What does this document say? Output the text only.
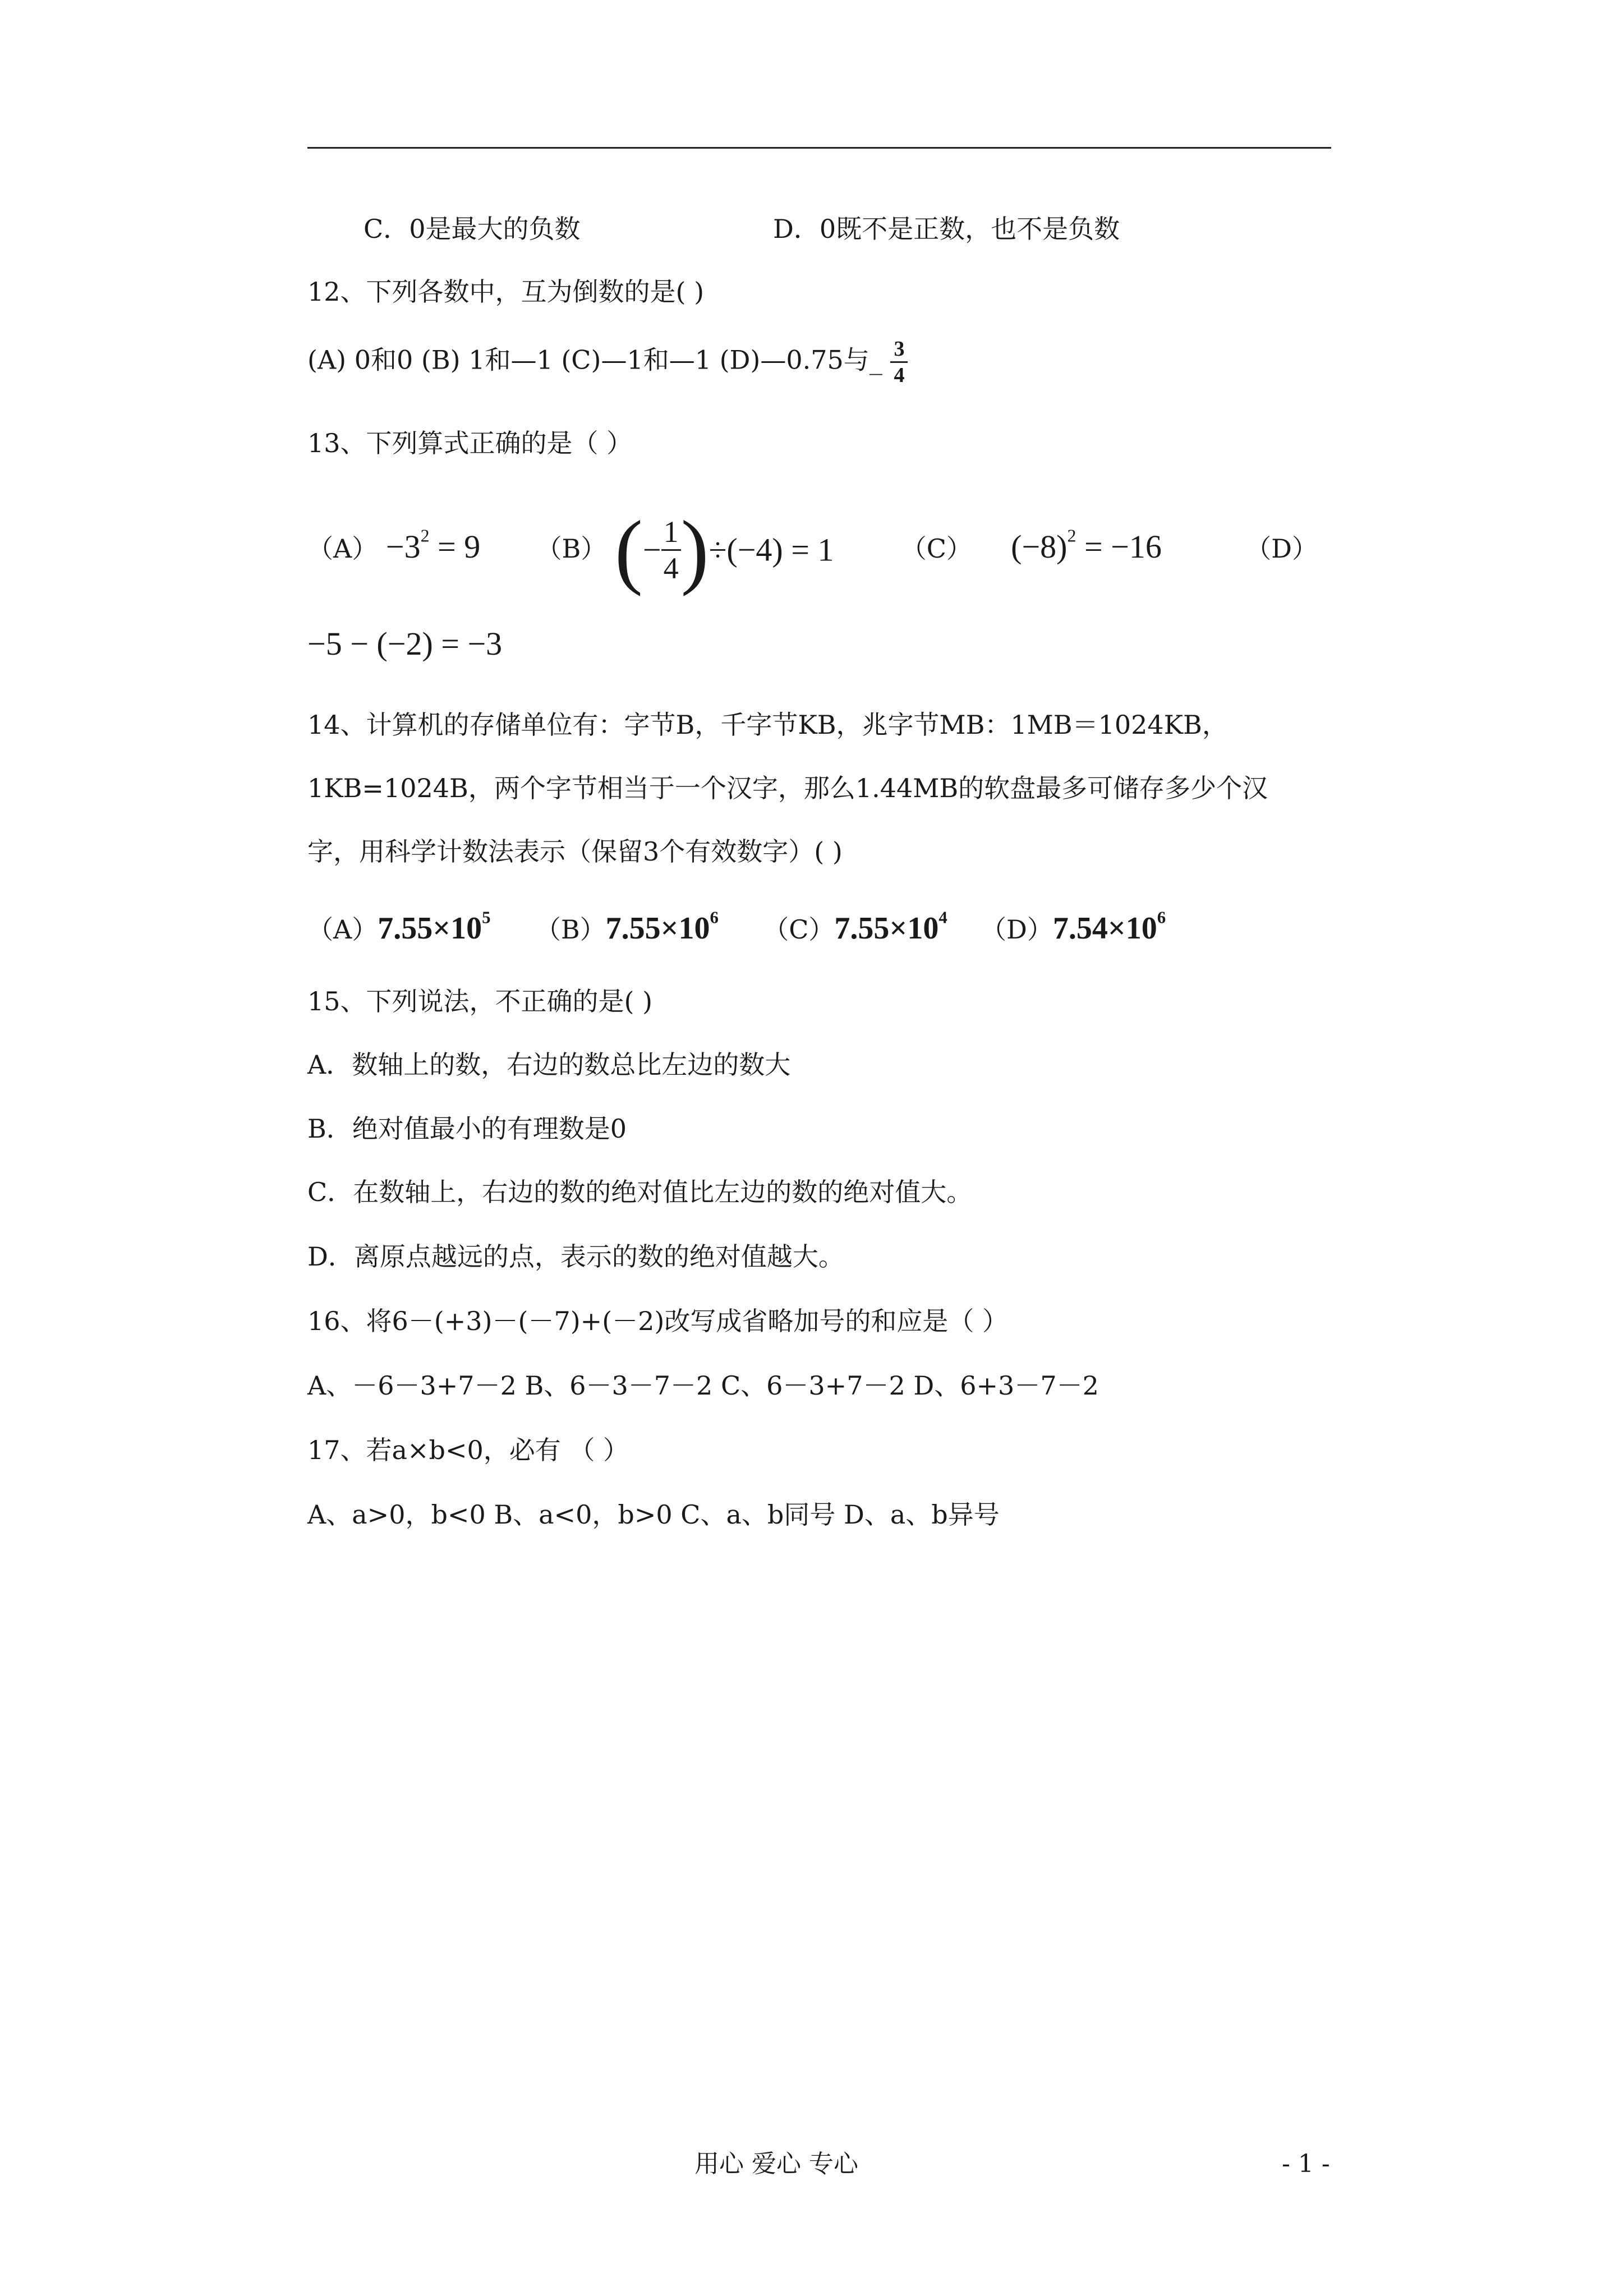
C．0是最大的负数	D．0既不是正数，也不是负数
12、下列各数中，互为倒数的是( )
(A) 0和0 (B) 1和—1 (C)—1和—1 (D)—0.75与_ $\frac{3}{4}$
13、下列算式正确的是（ ）
$(A) -3^2 = 9$ （B） (− $\frac{1}{4} )\div(-4) = 1$	（C） $(-8)^2 = -16$	（D）
−5 − (−2) = −3
14、计算机的存储单位有：字节B，千字节KB，兆字节MB：1MB＝1024KB，
1KB=1024B，两个字节相当于一个汉字，那么1.44MB的软盘最多可储存多少个汉
字，用科学计数法表示（保留3个有效数字）( )
$(A)7.55\times 10^5$ $(B)7.55\times 10^6$ $(C)7.55\times 10^4$ $(D)7.54\times 10^6$
15、下列说法，不正确的是( )
A．数轴上的数，右边的数总比左边的数大
B．绝对值最小的有理数是0
C．在数轴上，右边的数的绝对值比左边的数的绝对值大。
D．离原点越远的点，表示的数的绝对值越大。
16、将6－(+3)－(－7)+(－2)改写成省略加号的和应是（ ）
A、－6－3+7－2 B、6－3－7－2 C、6－3+7－2 D、6+3－7－2
17、若a×b<0，必有 （ ）
A、a>0，b<0 B、a<0，b>0 C、a、b同号 D、a、b异号
用心 爱心 专心	- 1 -
